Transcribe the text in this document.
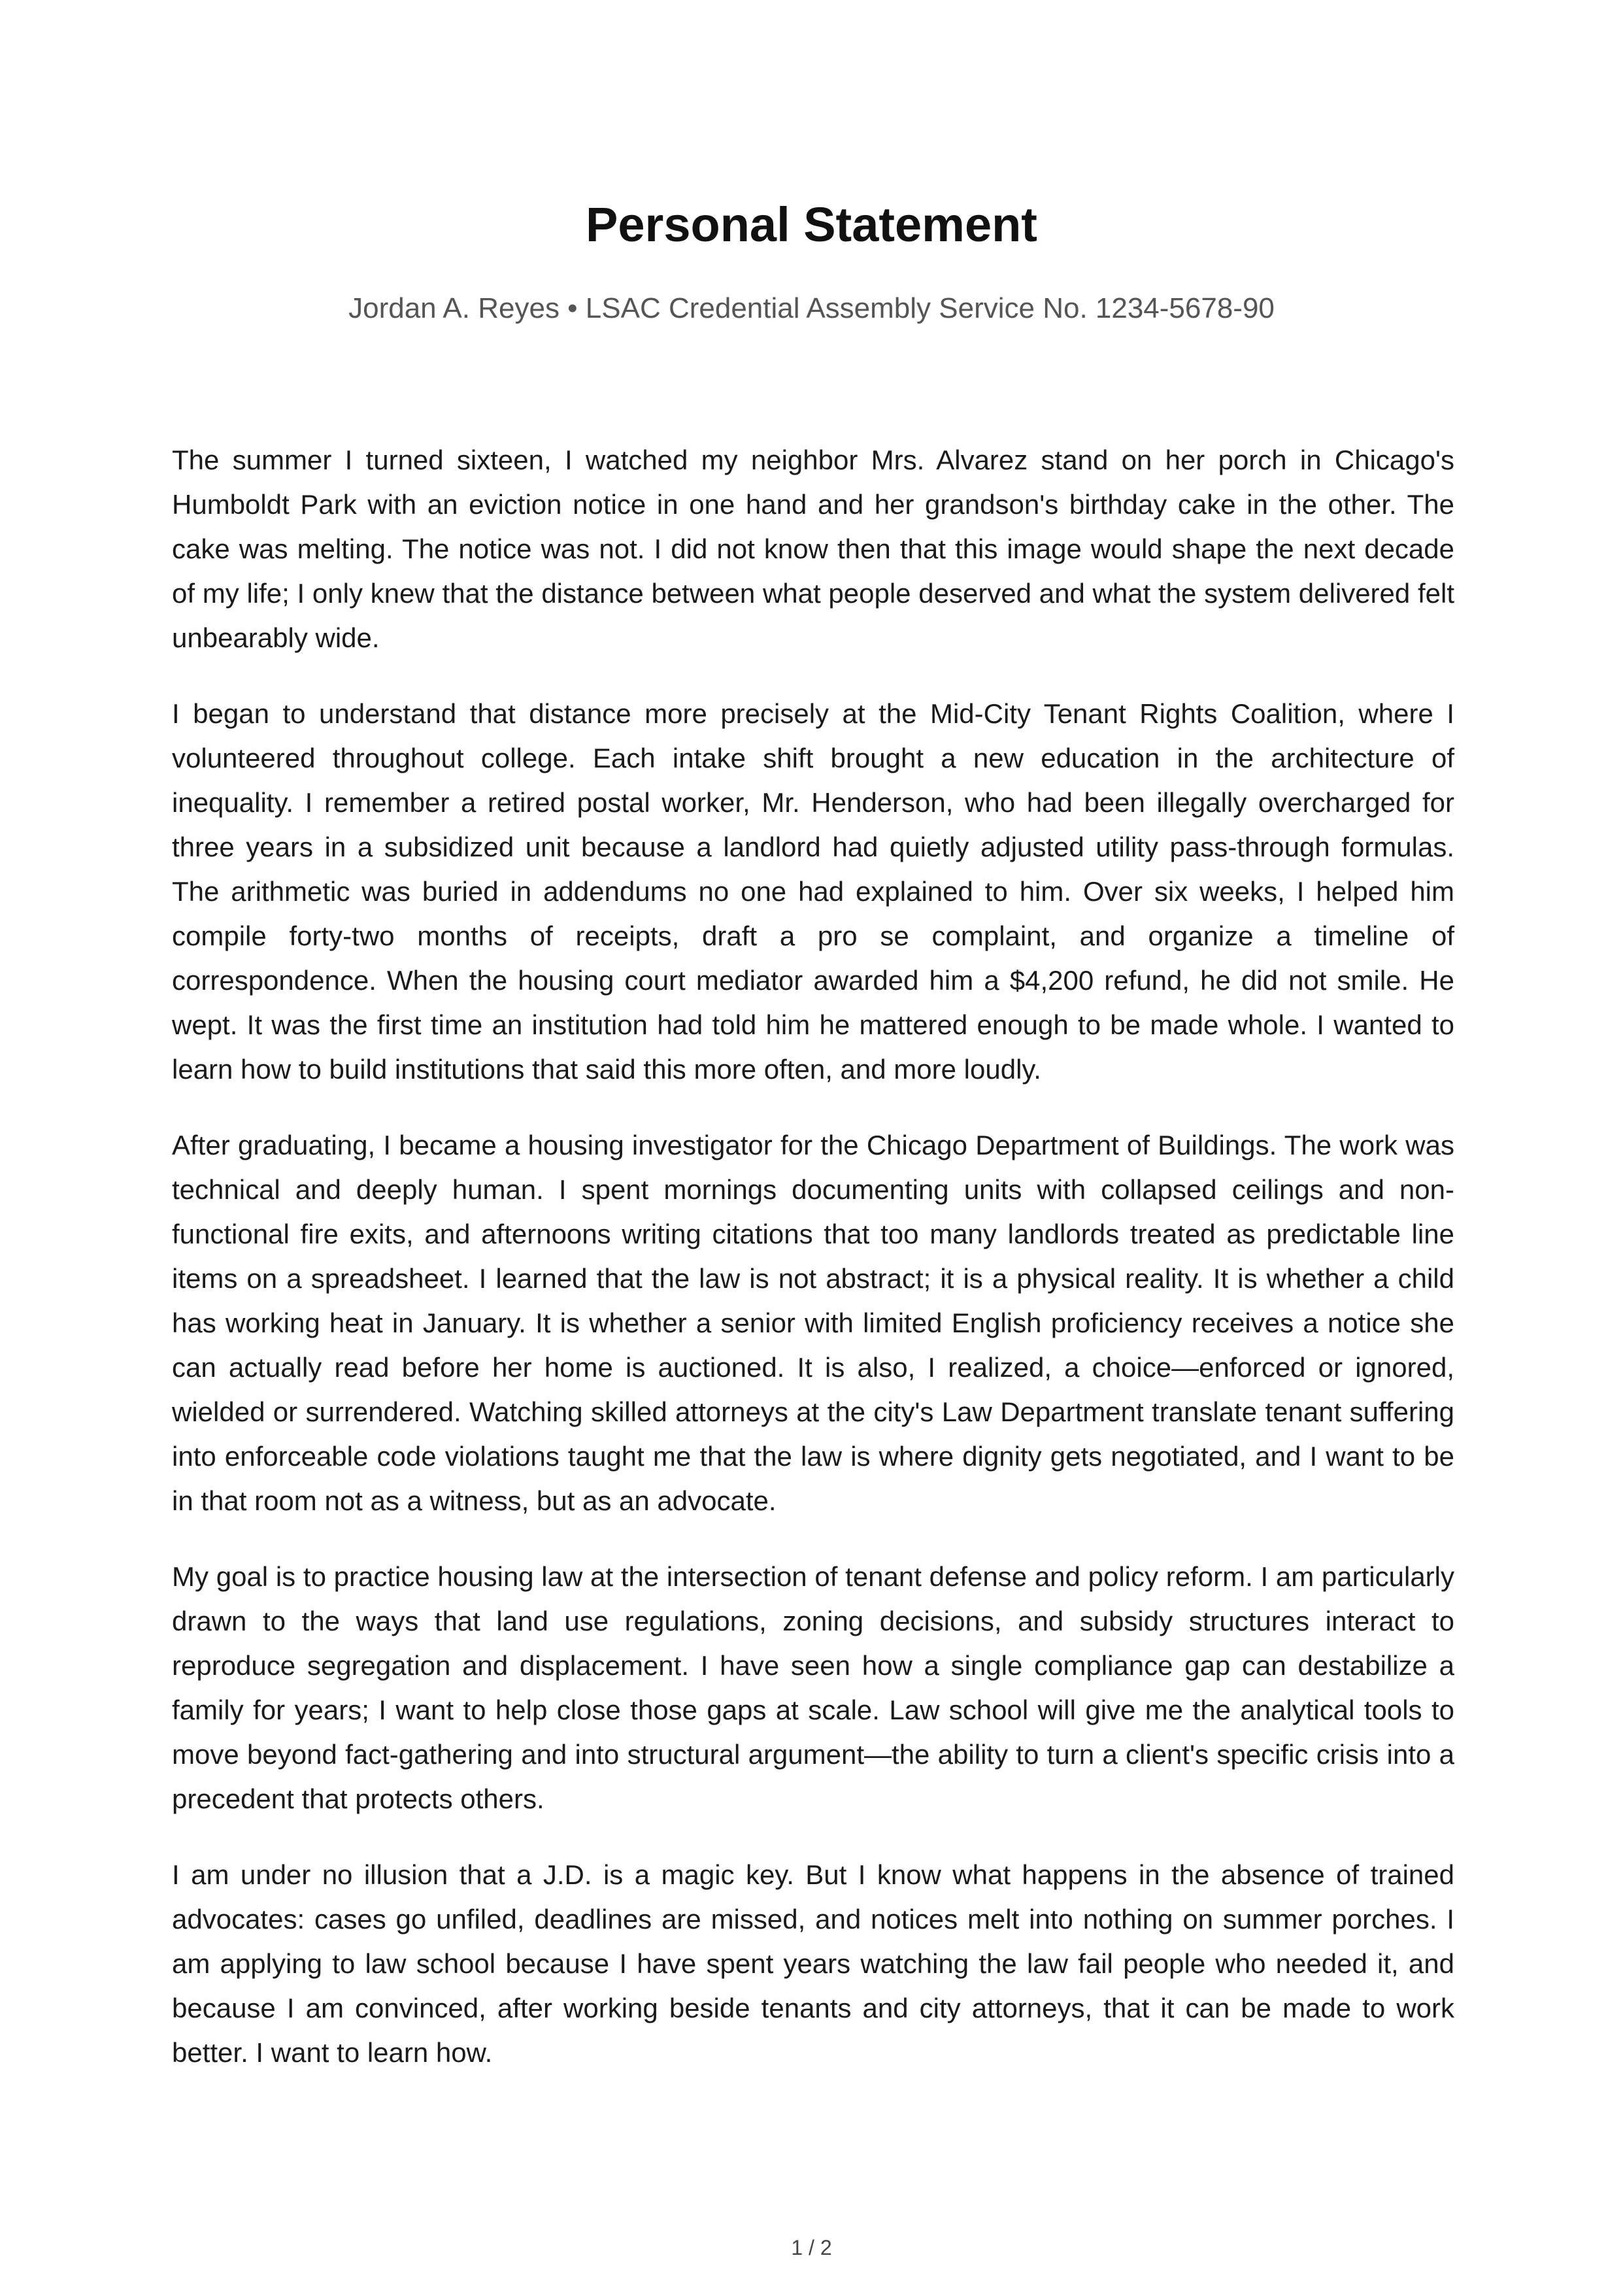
Personal Statement

Jordan A. Reyes • LSAC Credential Assembly Service No. 1234-5678-90

The summer I turned sixteen, I watched my neighbor Mrs. Alvarez stand on her porch in Chicago's Humboldt Park with an eviction notice in one hand and her grandson's birthday cake in the other. The cake was melting. The notice was not. I did not know then that this image would shape the next decade of my life; I only knew that the distance between what people deserved and what the system delivered felt unbearably wide.

I began to understand that distance more precisely at the Mid-City Tenant Rights Coalition, where I volunteered throughout college. Each intake shift brought a new education in the architecture of inequality. I remember a retired postal worker, Mr. Henderson, who had been illegally overcharged for three years in a subsidized unit because a landlord had quietly adjusted utility pass-through formulas. The arithmetic was buried in addendums no one had explained to him. Over six weeks, I helped him compile forty-two months of receipts, draft a pro se complaint, and organize a timeline of correspondence. When the housing court mediator awarded him a $4,200 refund, he did not smile. He wept. It was the first time an institution had told him he mattered enough to be made whole. I wanted to learn how to build institutions that said this more often, and more loudly.

After graduating, I became a housing investigator for the Chicago Department of Buildings. The work was technical and deeply human. I spent mornings documenting units with collapsed ceilings and non-functional fire exits, and afternoons writing citations that too many landlords treated as predictable line items on a spreadsheet. I learned that the law is not abstract; it is a physical reality. It is whether a child has working heat in January. It is whether a senior with limited English proficiency receives a notice she can actually read before her home is auctioned. It is also, I realized, a choice—enforced or ignored, wielded or surrendered. Watching skilled attorneys at the city's Law Department translate tenant suffering into enforceable code violations taught me that the law is where dignity gets negotiated, and I want to be in that room not as a witness, but as an advocate.

My goal is to practice housing law at the intersection of tenant defense and policy reform. I am particularly drawn to the ways that land use regulations, zoning decisions, and subsidy structures interact to reproduce segregation and displacement. I have seen how a single compliance gap can destabilize a family for years; I want to help close those gaps at scale. Law school will give me the analytical tools to move beyond fact-gathering and into structural argument—the ability to turn a client's specific crisis into a precedent that protects others.

I am under no illusion that a J.D. is a magic key. But I know what happens in the absence of trained advocates: cases go unfiled, deadlines are missed, and notices melt into nothing on summer porches. I am applying to law school because I have spent years watching the law fail people who needed it, and because I am convinced, after working beside tenants and city attorneys, that it can be made to work better. I want to learn how.

1 / 2
